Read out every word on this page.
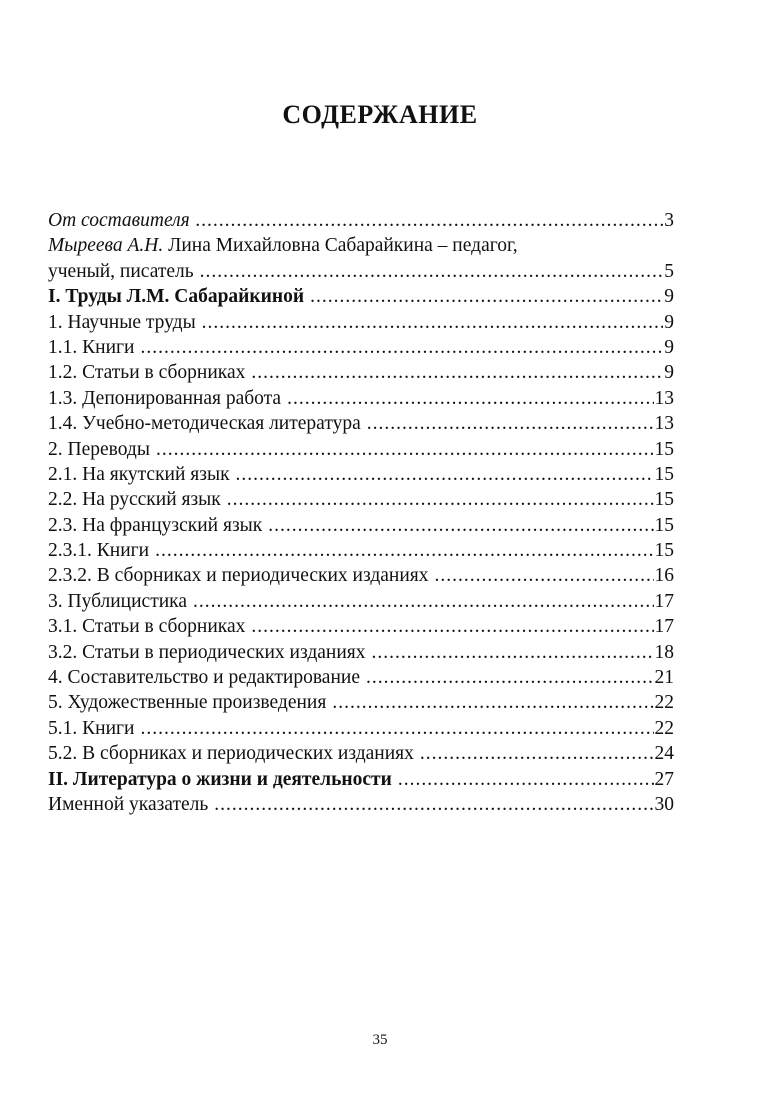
СОДЕРЖАНИЕ
От составителя .....	3
Мыреева А.Н. Лина Михайловна Сабарайкина – педагог,
ученый, писатель .....	5
I. Труды Л.М. Сабарайкиной .....	9
1. Научные труды .....	9
1.1. Книги .....	9
1.2. Статьи в сборниках .....	9
1.3. Депонированная работа .....	13
1.4. Учебно-методическая литература .....	13
2. Переводы .....	15
2.1. На якутский язык .....	15
2.2. На русский язык .....	15
2.3. На французский язык .....	15
2.3.1. Книги .....	15
2.3.2. В сборниках и периодических изданиях .....	16
3. Публицистика .....	17
3.1. Статьи в сборниках .....	17
3.2. Статьи в периодических изданиях .....	18
4. Составительство и редактирование .....	21
5. Художественные произведения .....	22
5.1. Книги .....	22
5.2. В сборниках и периодических изданиях .....	24
II. Литература о жизни и деятельности .....	27
Именной указатель .....	30
35
